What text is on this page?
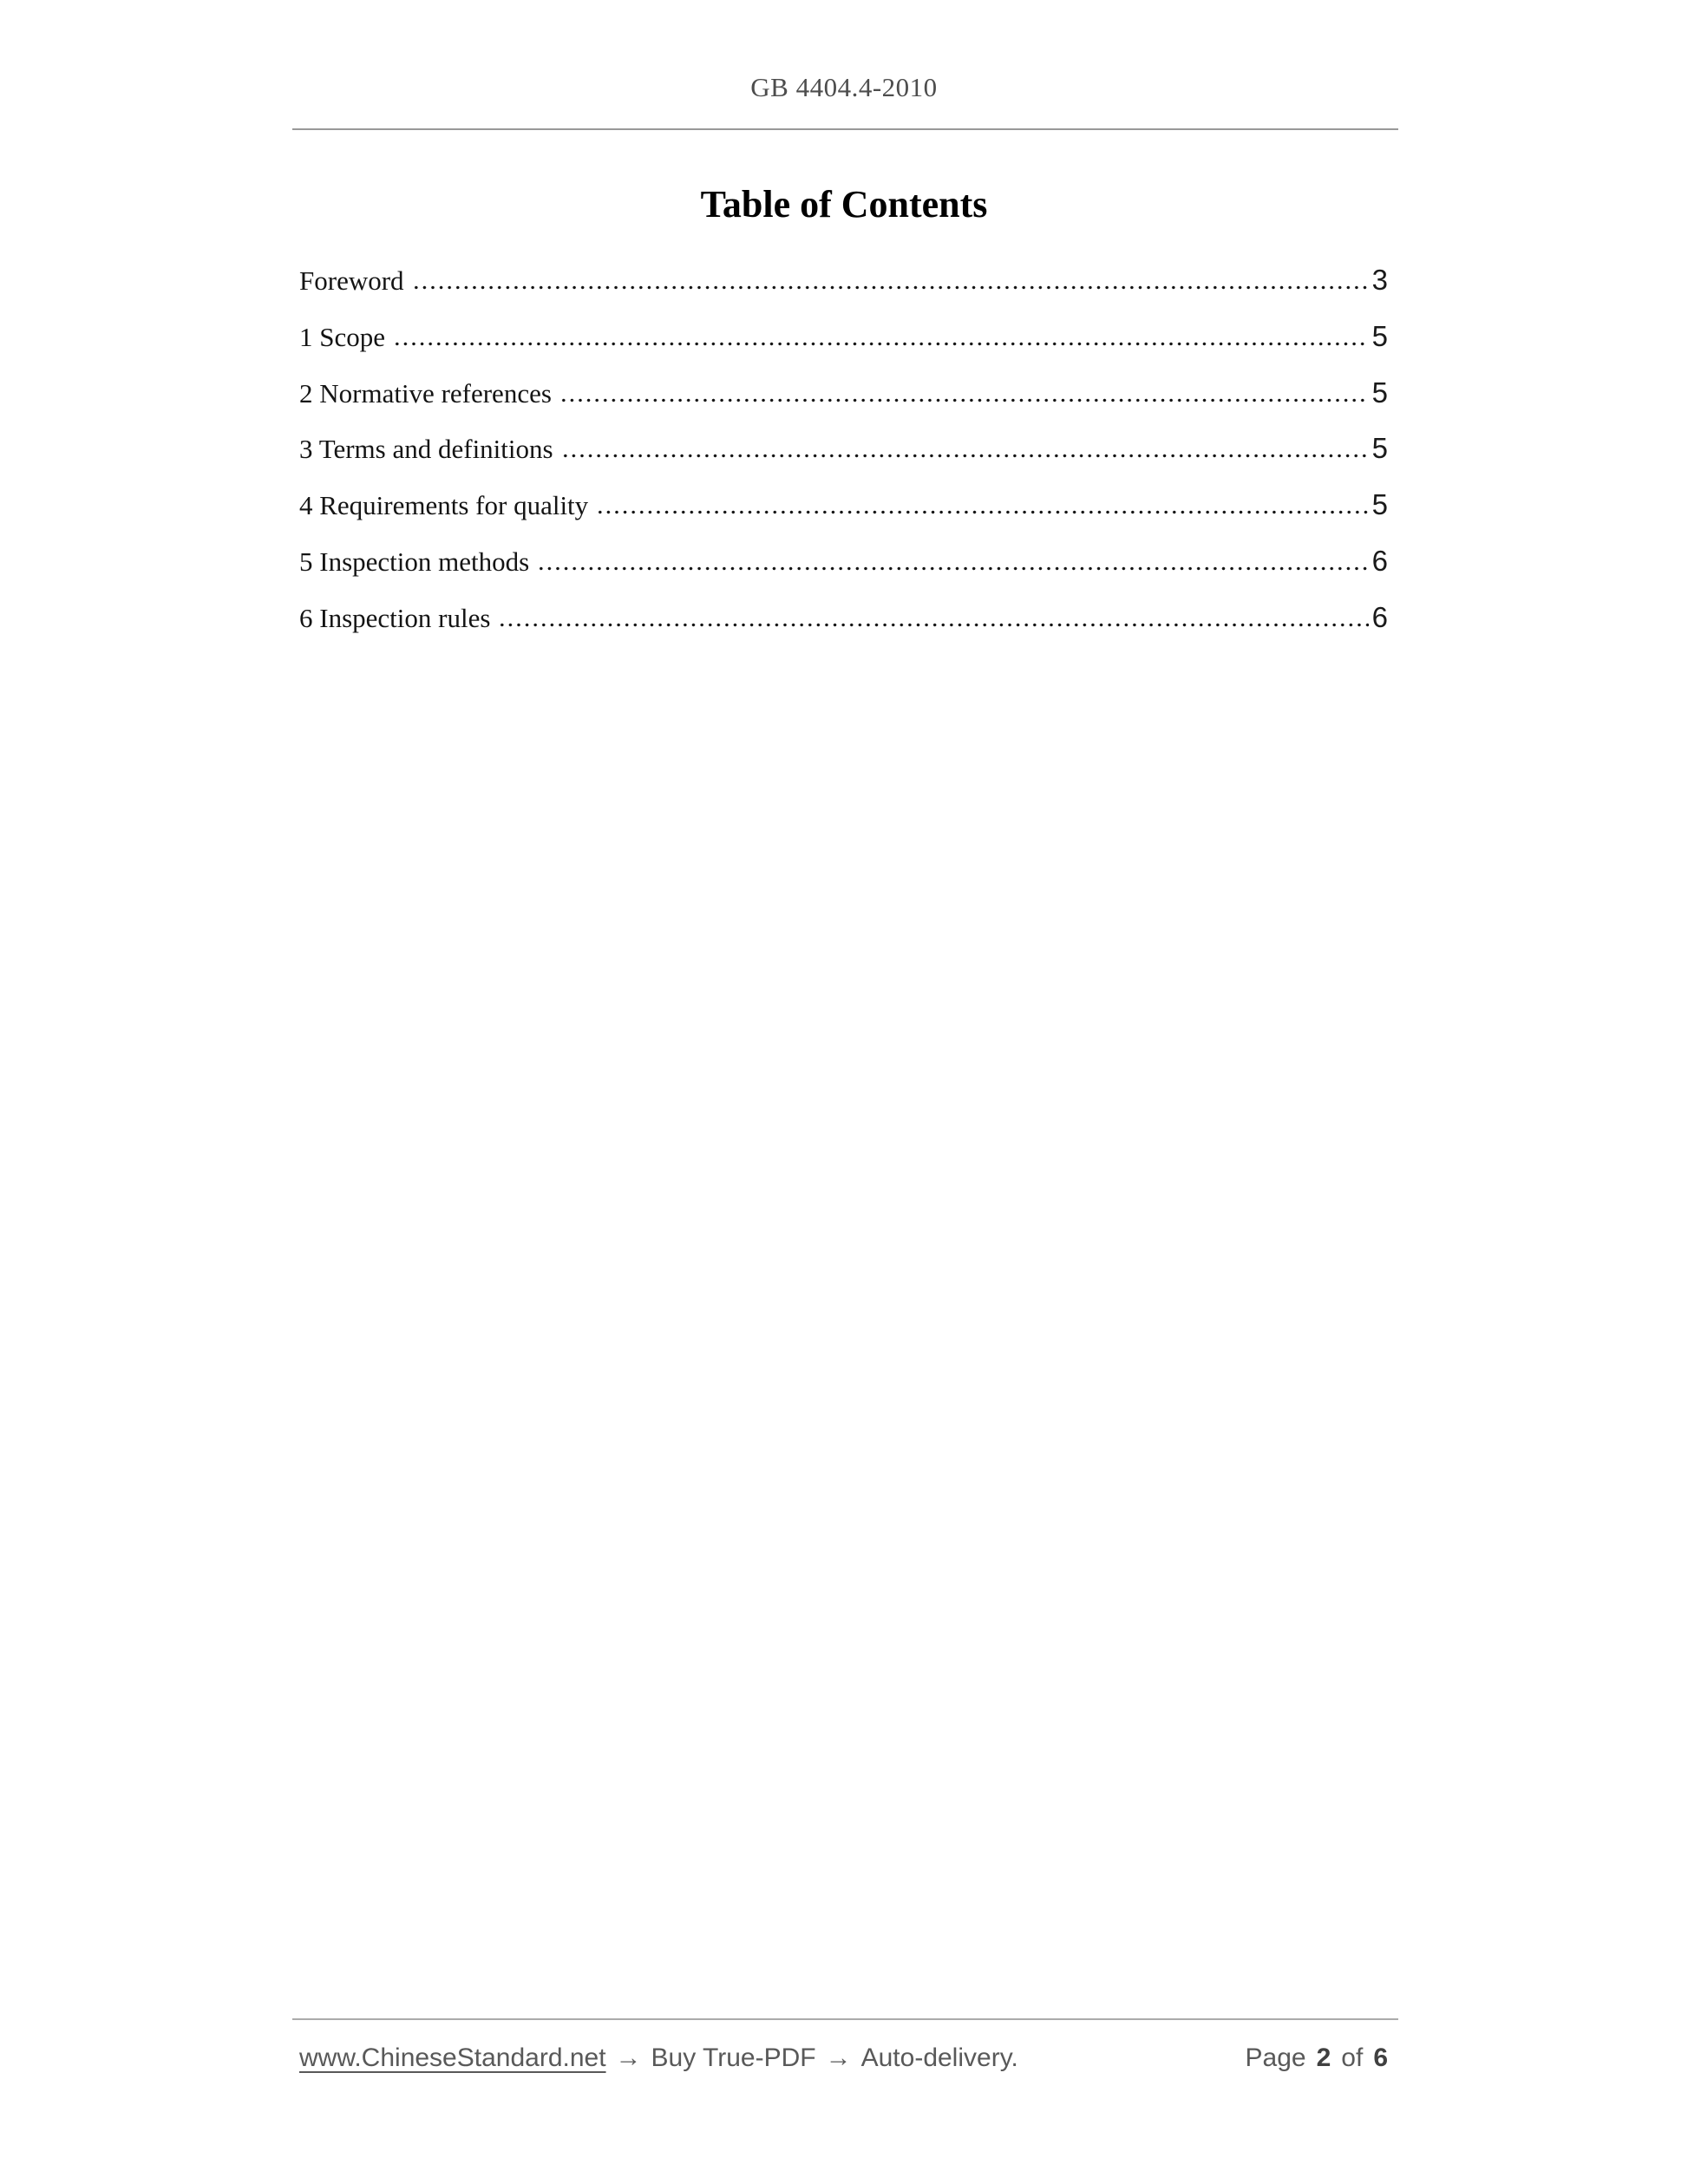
GB 4404.4-2010
Table of Contents
Foreword	3
1 Scope	5
2 Normative references	5
3 Terms and definitions	5
4 Requirements for quality	5
5 Inspection methods	6
6 Inspection rules	6
www.ChineseStandard.net → Buy True-PDF → Auto-delivery.	Page 2 of 6
